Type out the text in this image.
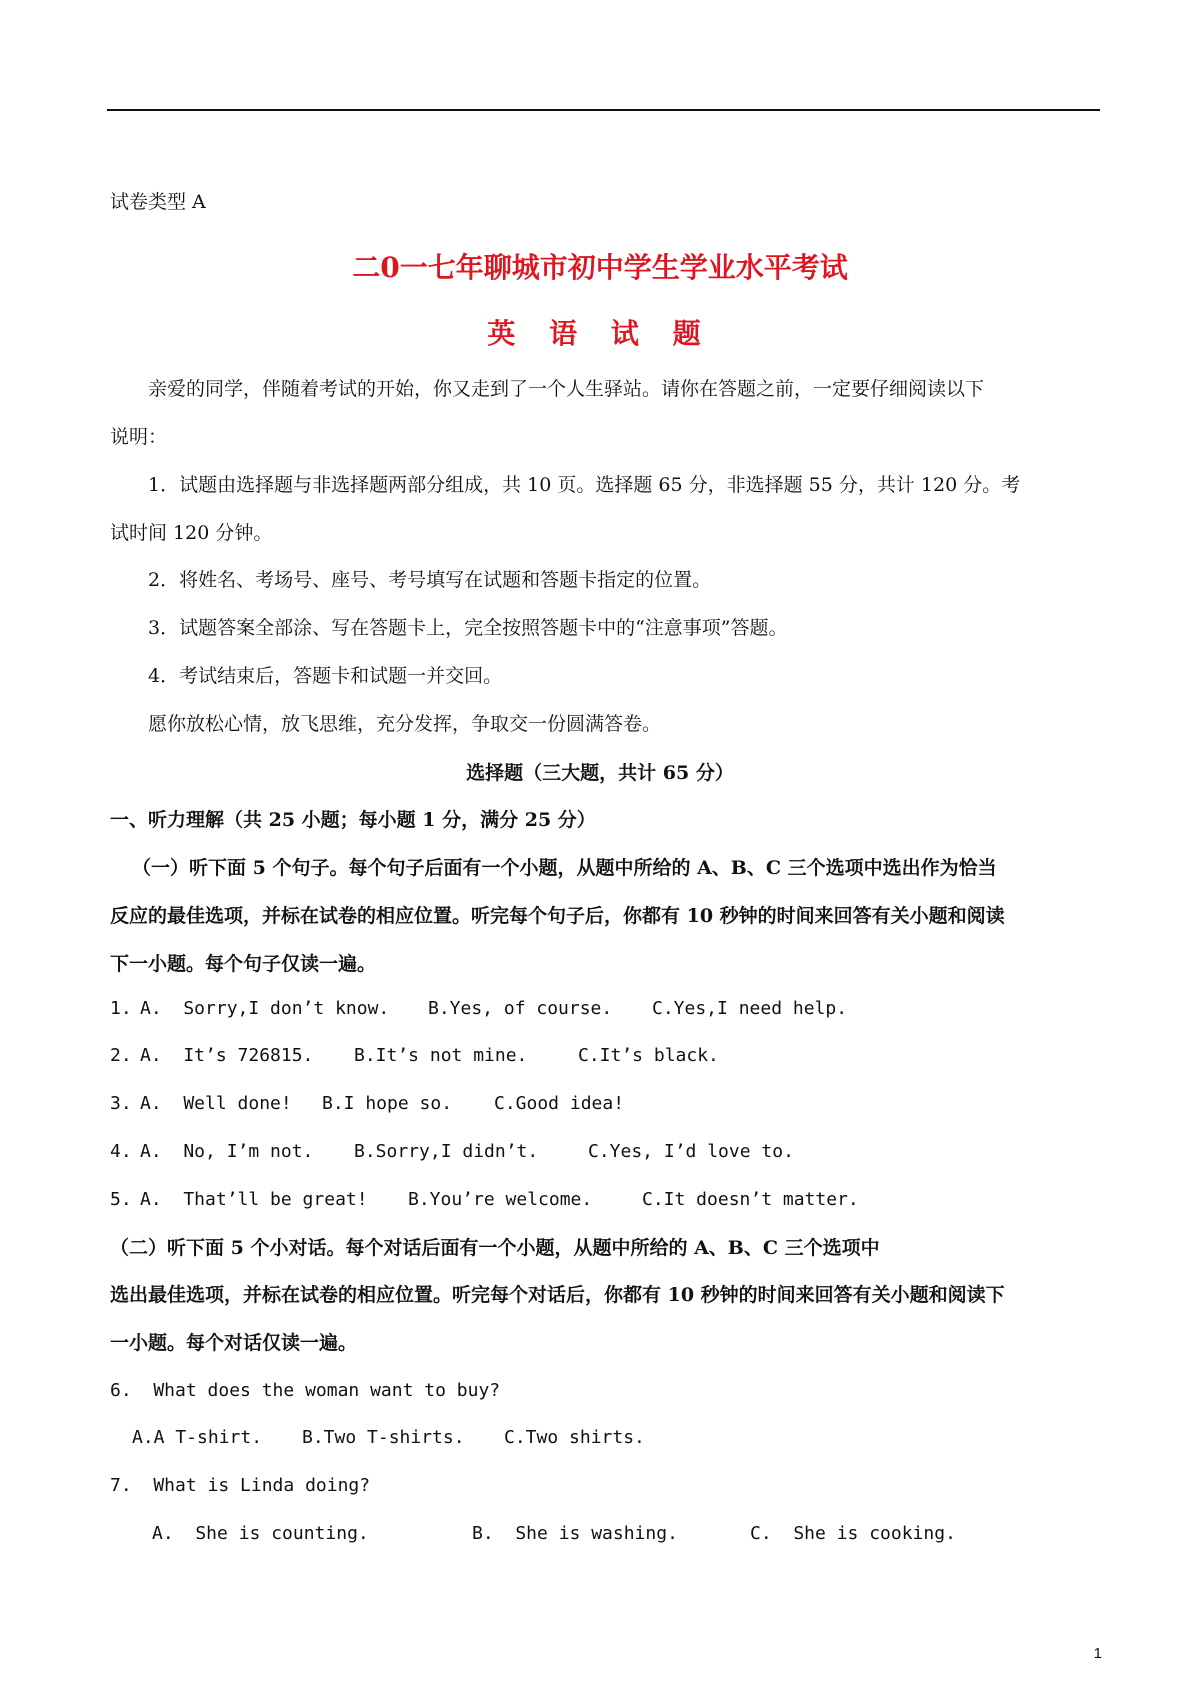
试卷类型 A
二0一七年聊城市初中学生学业水平考试
英 语 试 题
亲爱的同学，伴随着考试的开始，你又走到了一个人生驿站。请你在答题之前，一定要仔细阅读以下
说明：
1．试题由选择题与非选择题两部分组成，共 10 页。选择题 65 分，非选择题 55 分，共计 120 分。考
试时间 120 分钟。
2．将姓名、考场号、座号、考号填写在试题和答题卡指定的位置。
3．试题答案全部涂、写在答题卡上，完全按照答题卡中的“注意事项”答题。
4．考试结束后，答题卡和试题一并交回。
愿你放松心情，放飞思维，充分发挥，争取交一份圆满答卷。
选择题（三大题，共计 65 分）
一、听力理解（共 25 小题；每小题 1 分，满分 25 分）
（一）听下面 5 个句子。每个句子后面有一个小题，从题中所给的 A、B、C 三个选项中选出作为恰当
反应的最佳选项，并标在试卷的相应位置。听完每个句子后，你都有 10 秒钟的时间来回答有关小题和阅读
下一小题。每个句子仅读一遍。
1. A.  Sorry,I don’t know. B.Yes, of course. C.Yes,I need help.
2. A.  It’s 726815. B.It’s not mine.	C.It’s black.
3. A.  Well done! B.I hope so. C.Good idea!
4. A.  No, I’m not. B.Sorry,I didn’t.	C.Yes, I’d love to.
5. A.  That’ll be great! B.You’re welcome.	C.It doesn’t matter.
（二）听下面 5 个小对话。每个对话后面有一个小题，从题中所给的 A、B、C 三个选项中
选出最佳选项，并标在试卷的相应位置。听完每个对话后，你都有 10 秒钟的时间来回答有关小题和阅读下
一小题。每个对话仅读一遍。
6.  What does the woman want to buy?
A.A T-shirt. B.Two T-shirts. C.Two shirts.
7.  What is Linda doing?
A.  She is counting.	B.  She is washing.	C.  She is cooking.
1
